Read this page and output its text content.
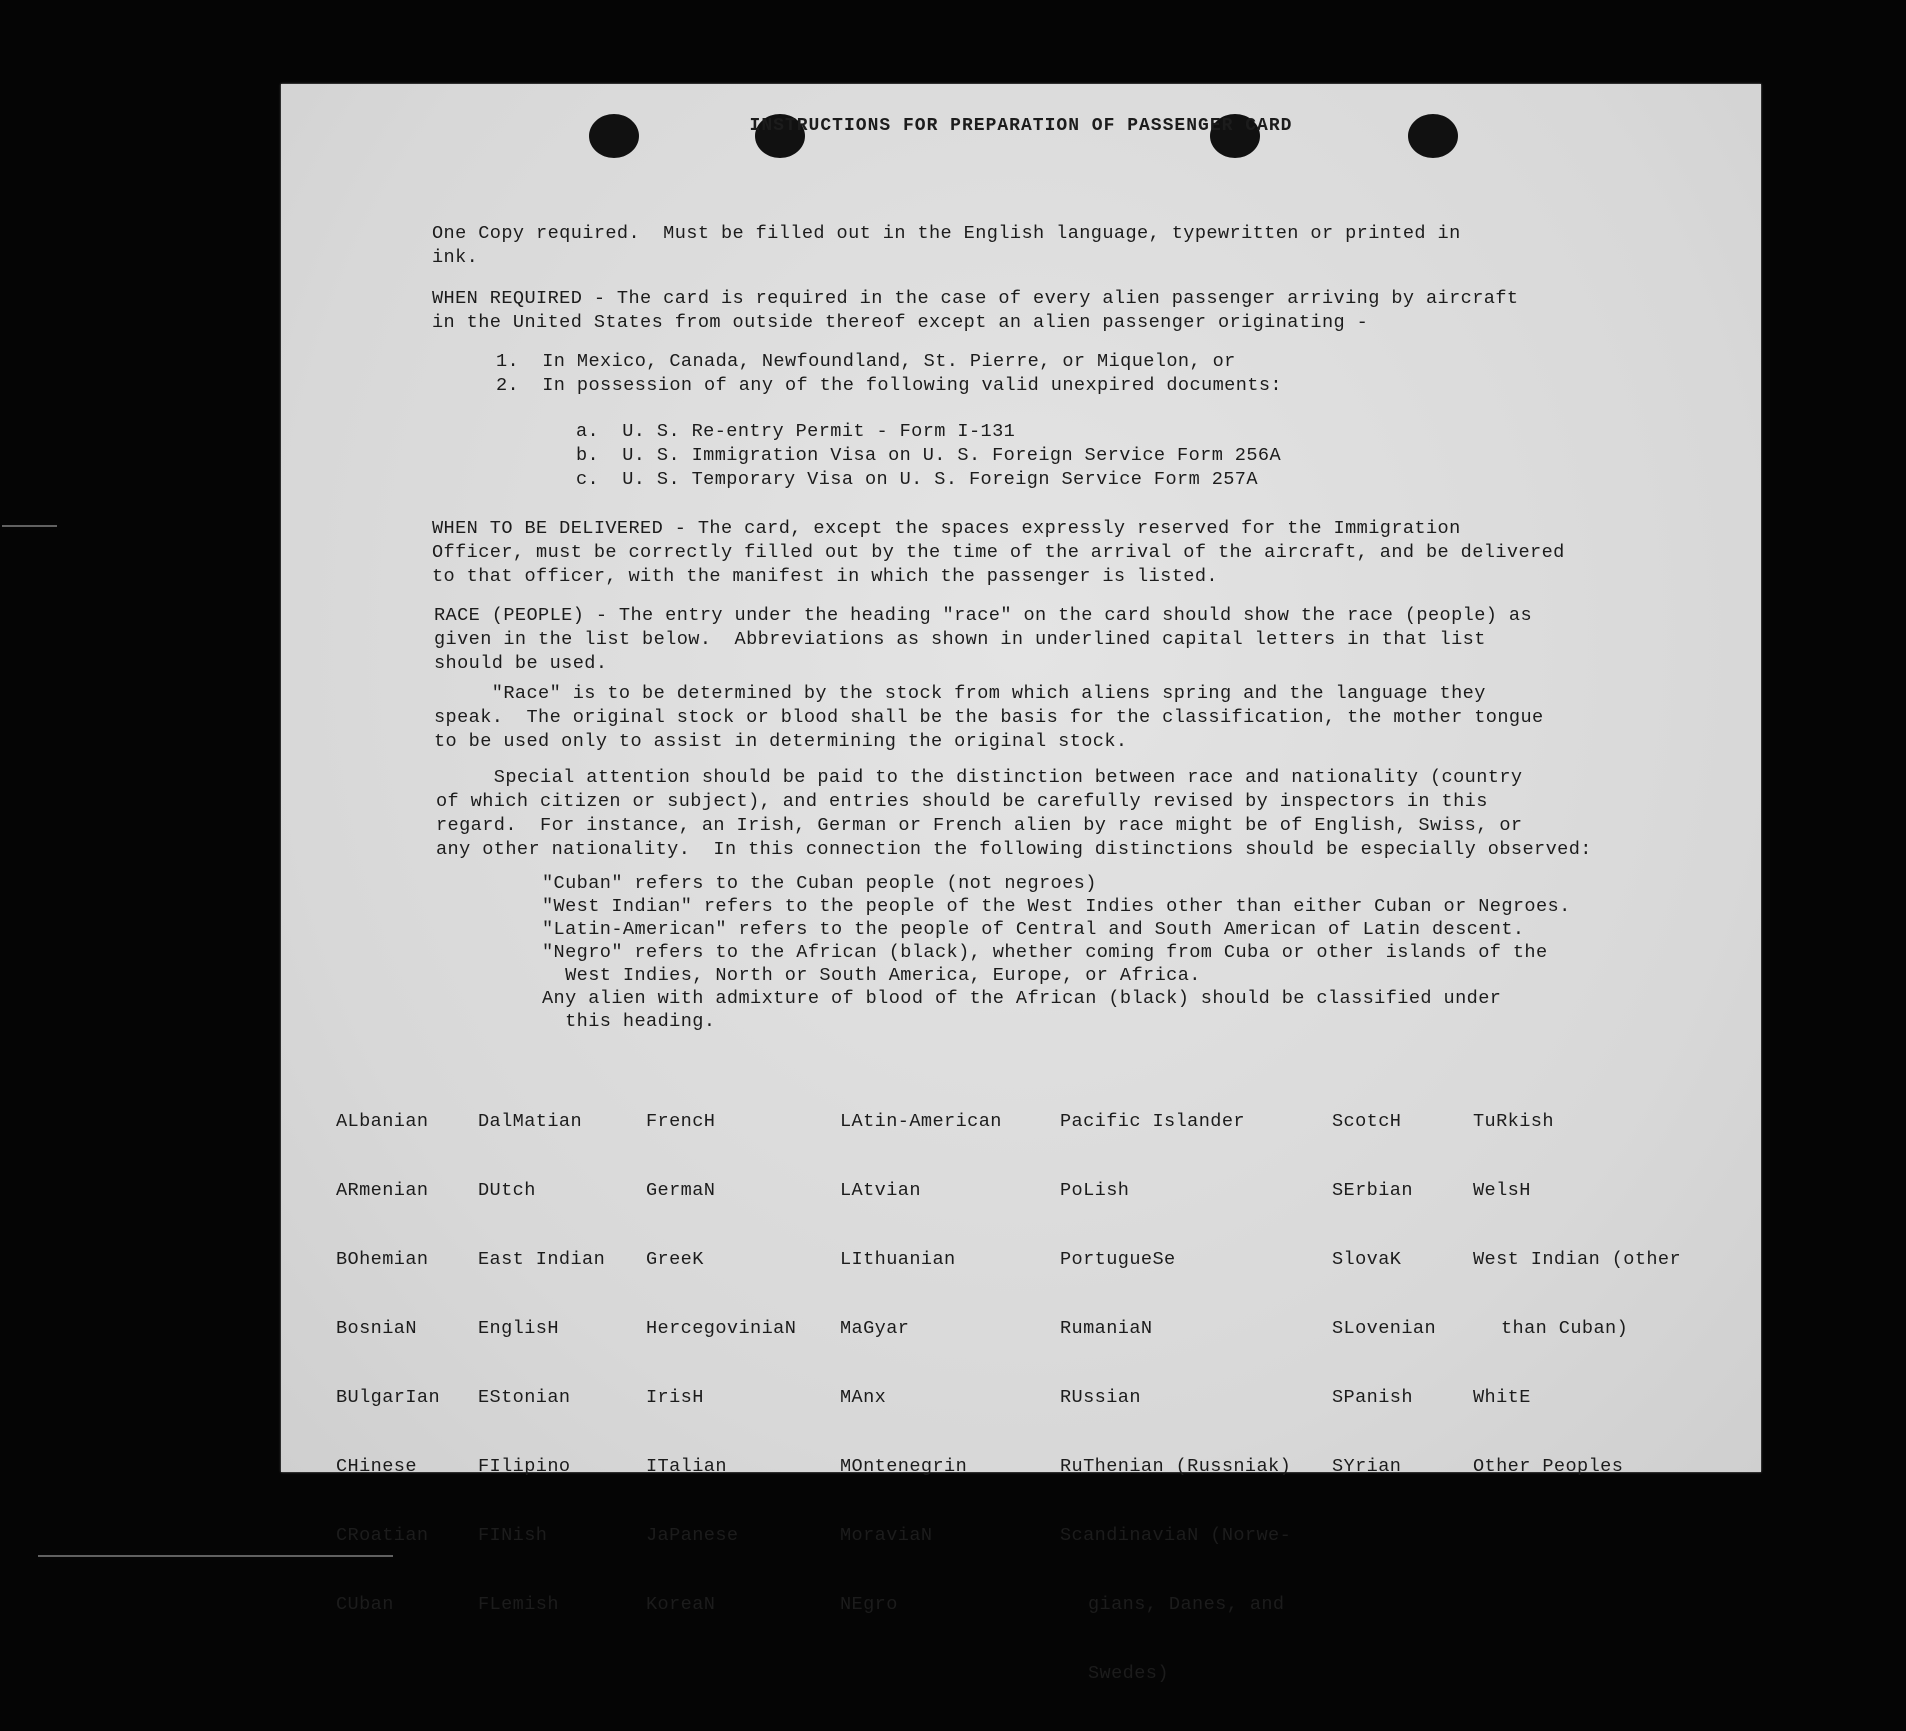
INSTRUCTIONS FOR PREPARATION OF PASSENGER CARD

One Copy required.  Must be filled out in the English language, typewritten or printed in
ink.

WHEN REQUIRED - The card is required in the case of every alien passenger arriving by aircraft
in the United States from outside thereof except an alien passenger originating -

1.  In Mexico, Canada, Newfoundland, St. Pierre, or Miquelon, or
2.  In possession of any of the following valid unexpired documents:

a.  U. S. Re-entry Permit - Form I-131
b.  U. S. Immigration Visa on U. S. Foreign Service Form 256A
c.  U. S. Temporary Visa on U. S. Foreign Service Form 257A

WHEN TO BE DELIVERED - The card, except the spaces expressly reserved for the Immigration
Officer, must be correctly filled out by the time of the arrival of the aircraft, and be delivered
to that officer, with the manifest in which the passenger is listed.

RACE (PEOPLE) - The entry under the heading "race" on the card should show the race (people) as
given in the list below.  Abbreviations as shown in underlined capital letters in that list
should be used.

"Race" is to be determined by the stock from which aliens spring and the language they
speak.  The original stock or blood shall be the basis for the classification, the mother tongue
to be used only to assist in determining the original stock.

Special attention should be paid to the distinction between race and nationality (country
of which citizen or subject), and entries should be carefully revised by inspectors in this
regard.  For instance, an Irish, German or French alien by race might be of English, Swiss, or
any other nationality.  In this connection the following distinctions should be especially observed:

"Cuban" refers to the Cuban people (not negroes)
"West Indian" refers to the people of the West Indies other than either Cuban or Negroes.
"Latin-American" refers to the people of Central and South American of Latin descent.
"Negro" refers to the African (black), whether coming from Cuba or other islands of the
West Indies, North or South America, Europe, or Africa.
Any alien with admixture of blood of the African (black) should be classified under
this heading.

ALbanian

ARmenian

BOhemian

BosniaN

BUlgarIan

CHinese

CRoatian

CUban

DalMatian

DUtch

East Indian

EnglisH

EStonian

FIlipino

FINish

FLemish

FrencH

GermaN

GreeK

HercegoviniaN

IrisH

ITalian

JaPanese

KoreaN

LAtin-American

LAtvian

LIthuanian

MaGyar

MAnx

MOntenegrin

MoraviaN

NEgro

Pacific Islander

PoLish

PortugueSe

RumaniaN

RUssian

RuThenian (Russniak)

ScandinaviaN (Norwe-

gians, Danes, and

Swedes)

ScotcH

SErbian

SlovaK

SLovenian

SPanish

SYrian

TuRkish

WelsH

West Indian (other

than Cuban)

WhitE

Other Peoples
